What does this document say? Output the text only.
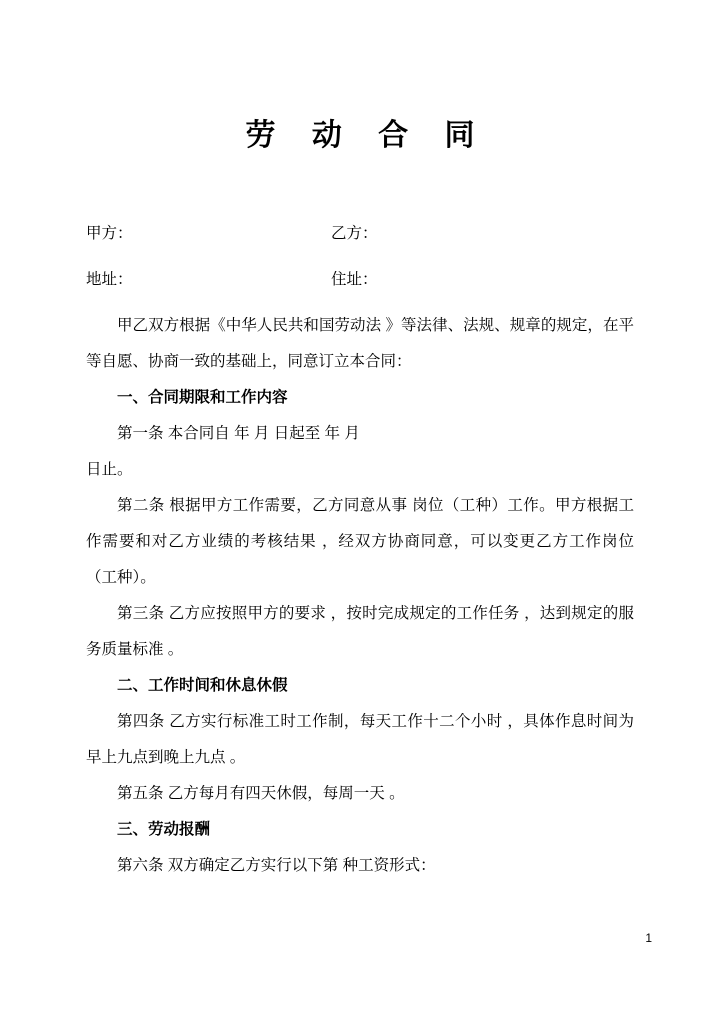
劳 动 合 同
甲方：	乙方：
地址：	住址：

甲乙双方根据《中华人民共和国劳动法 》等法律、法规、规章的规定，在平等自愿、协商一致的基础上，同意订立本合同：

一、合同期限和工作内容

第一条 本合同自 年 月 日起至 年 月

日止。

第二条 根据甲方工作需要，乙方同意从事 岗位（工种）工作。甲方根据工作需要和对乙方业绩的考核结果 ，经双方协商同意，可以变更乙方工作岗位 （工种）。

第三条 乙方应按照甲方的要求 ，按时完成规定的工作任务 ，达到规定的服务质量标准 。

二、工作时间和休息休假

第四条 乙方实行标准工时工作制，每天工作十二个小时 ，具体作息时间为早上九点到晚上九点 。

第五条 乙方每月有四天休假，每周一天 。

三、劳动报酬

第六条 双方确定乙方实行以下第 种工资形式：

1
